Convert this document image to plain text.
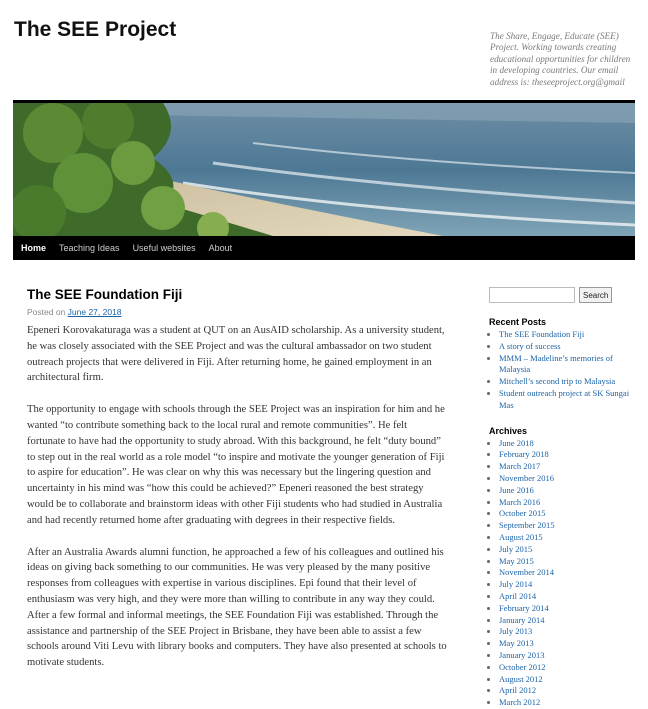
The SEE Project	The Share, Engage, Educate (SEE) Project. Working towards creating educational opportunities for children in developing countries. Our email address is: theseeproject.org@gmail
Home Teaching Ideas Useful websites About
The SEE Foundation Fiji
Posted on June 27, 2018

Epeneri Korovakaturaga was a student at QUT on an AusAID scholarship. As a university student, he was closely associated with the SEE Project and was the cultural ambassador on two student outreach projects that were delivered in Fiji. After returning home, he gained employment in an architectural firm.

The opportunity to engage with schools through the SEE Project was an inspiration for him and he wanted “to contribute something back to the local rural and remote communities”. He felt fortunate to have had the opportunity to study abroad. With this background, he felt “duty bound” to step out in the real world as a role model “to inspire and motivate the younger generation of Fiji to aspire for education”. He was clear on why this was necessary but the lingering question and uncertainty in his mind was “how this could be achieved?” Epeneri reasoned the best strategy would be to collaborate and brainstorm ideas with other Fiji students who had studied in Australia and had recently returned home after graduating with degrees in their respective fields.

After an Australia Awards alumni function, he approached a few of his colleagues and outlined his ideas on giving back something to our communities. He was very pleased by the many positive responses from colleagues with expertise in various disciplines. Epi found that their level of enthusiasm was very high, and they were more than willing to contribute in any way they could. After a few formal and informal meetings, the SEE Foundation Fiji was established. Through the assistance and partnership of the SEE Project in Brisbane, they have been able to assist a few schools around Viti Levu with library books and computers. They have also presented at schools to motivate students.

Search
Recent Posts
• The SEE Foundation Fiji
• A story of success
• MMM – Madeline’s memories of Malaysia
• Mitchell’s second trip to Malaysia
• Student outreach project at SK Sungai Mas
Archives
• June 2018
• February 2018
• March 2017
• November 2016
• June 2016
• March 2016
• October 2015
• September 2015
• August 2015
• July 2015
• May 2015
• November 2014
• July 2014
• April 2014
• February 2014
• January 2014
• July 2013
• May 2013
• January 2013
• October 2012
• August 2012
• April 2012
• March 2012
